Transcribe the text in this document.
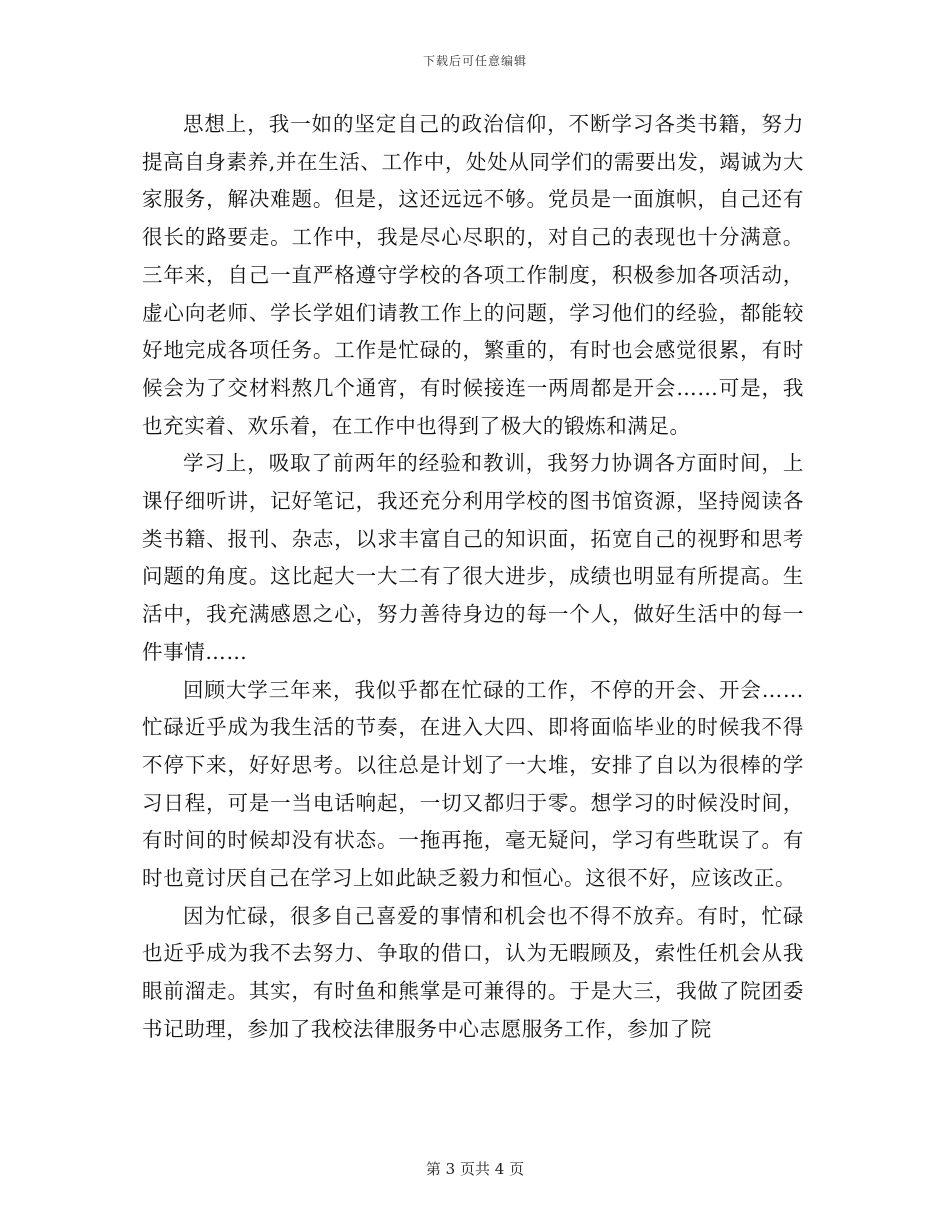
下载后可任意编辑

思想上，我一如的坚定自己的政治信仰，不断学习各类书籍，努力提高自身素养,并在生活、工作中，处处从同学们的需要出发，竭诚为大家服务，解决难题。但是，这还远远不够。党员是一面旗帜，自己还有很长的路要走。工作中，我是尽心尽职的，对自己的表现也十分满意。三年来，自己一直严格遵守学校的各项工作制度，积极参加各项活动，虚心向老师、学长学姐们请教工作上的问题，学习他们的经验，都能较好地完成各项任务。工作是忙碌的，繁重的，有时也会感觉很累，有时候会为了交材料熬几个通宵，有时候接连一两周都是开会……可是，我也充实着、欢乐着，在工作中也得到了极大的锻炼和满足。

学习上，吸取了前两年的经验和教训，我努力协调各方面时间，上课仔细听讲，记好笔记，我还充分利用学校的图书馆资源，坚持阅读各类书籍、报刊、杂志，以求丰富自己的知识面，拓宽自己的视野和思考问题的角度。这比起大一大二有了很大进步，成绩也明显有所提高。生活中，我充满感恩之心，努力善待身边的每一个人，做好生活中的每一件事情……

回顾大学三年来，我似乎都在忙碌的工作，不停的开会、开会……忙碌近乎成为我生活的节奏，在进入大四、即将面临毕业的时候我不得不停下来，好好思考。以往总是计划了一大堆，安排了自以为很棒的学习日程，可是一当电话响起，一切又都归于零。想学习的时候没时间，有时间的时候却没有状态。一拖再拖，毫无疑问，学习有些耽误了。有时也竟讨厌自己在学习上如此缺乏毅力和恒心。这很不好，应该改正。

因为忙碌，很多自己喜爱的事情和机会也不得不放弃。有时，忙碌也近乎成为我不去努力、争取的借口，认为无暇顾及，索性任机会从我眼前溜走。其实，有时鱼和熊掌是可兼得的。于是大三，我做了院团委书记助理，参加了我校法律服务中心志愿服务工作，参加了院

第 3 页共 4 页
